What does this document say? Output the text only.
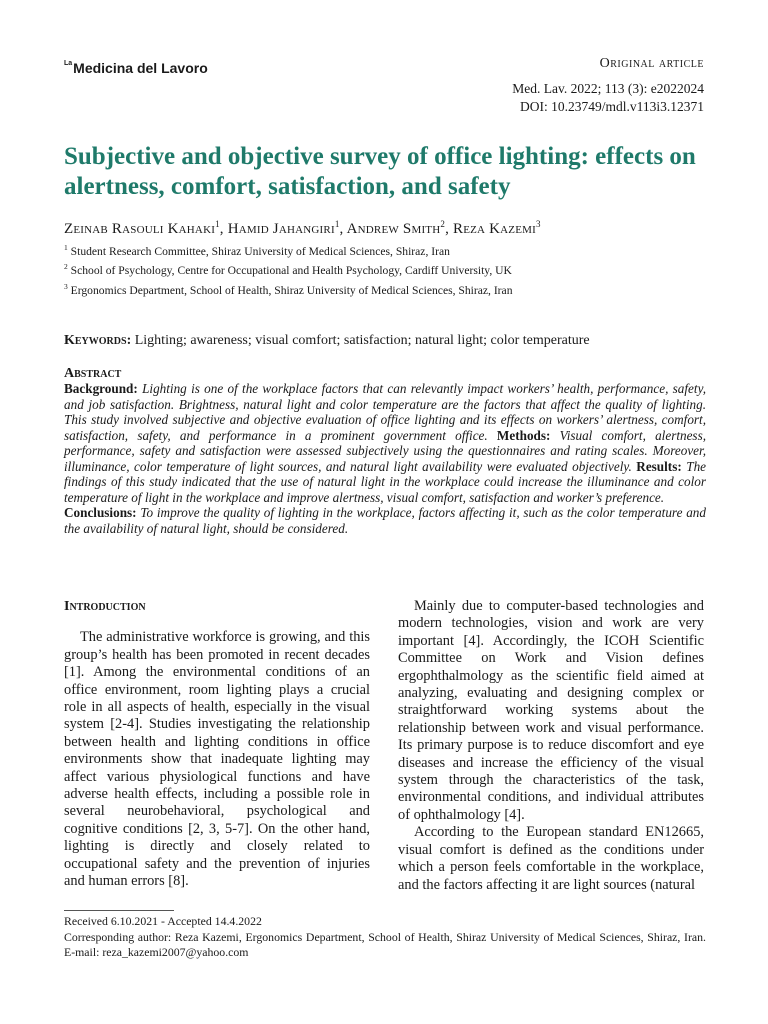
$^{La}$Medicina del Lavoro	Original article
Med. Lav. 2022; 113 (3): e2022024
DOI: 10.23749/mdl.v113i3.12371
Subjective and objective survey of office lighting: effects on alertness, comfort, satisfaction, and safety
Zeinab Rasouli Kahaki$^1$, Hamid Jahangiri$^1$, Andrew Smith$^2$, Reza Kazemi$^3$
$^1$ Student Research Committee, Shiraz University of Medical Sciences, Shiraz, Iran
$^2$ School of Psychology, Centre for Occupational and Health Psychology, Cardiff University, UK
$^3$ Ergonomics Department, School of Health, Shiraz University of Medical Sciences, Shiraz, Iran
Keywords: Lighting; awareness; visual comfort; satisfaction; natural light; color temperature
Abstract
Background: Lighting is one of the workplace factors that can relevantly impact workers’ health, performance, safety, and job satisfaction. Brightness, natural light and color temperature are the factors that affect the quality of lighting. This study involved subjective and objective evaluation of office lighting and its effects on workers’ alertness, comfort, satisfaction, safety, and performance in a prominent government office. Methods: Visual comfort, alertness, performance, safety and satisfaction were assessed subjectively using the questionnaires and rating scales. Moreover, illuminance, color temperature of light sources, and natural light availability were evaluated objectively. Results: The findings of this study indicated that the use of natural light in the workplace could increase the illuminance and color temperature of light in the workplace and improve alertness, visual comfort, satisfaction and worker’s preference.
Conclusions: To improve the quality of lighting in the workplace, factors affecting it, such as the color temperature and the availability of natural light, should be considered.
Introduction

The administrative workforce is growing, and this group’s health has been promoted in recent decades [1]. Among the environmental conditions of an office environment, room lighting plays a crucial role in all aspects of health, especially in the visual system [2-4]. Studies investigating the relationship between health and lighting conditions in office environments show that inadequate lighting may affect various physiological functions and have adverse health effects, including a possible role in several neurobehavioral, psychological and cognitive conditions [2, 3, 5-7]. On the other hand, lighting is directly and closely related to occupational safety and the prevention of injuries and human errors [8].

Mainly due to computer-based technologies and modern technologies, vision and work are very important [4]. Accordingly, the ICOH Scientific Committee on Work and Vision defines ergophthalmology as the scientific field aimed at analyzing, evaluating and designing complex or straightforward working systems about the relationship between work and visual performance. Its primary purpose is to reduce discomfort and eye diseases and increase the efficiency of the visual system through the characteristics of the task, environmental conditions, and individual attributes of ophthalmology [4].

According to the European standard EN12665, visual comfort is defined as the conditions under which a person feels comfortable in the workplace, and the factors affecting it are light sources (natural

Received 6.10.2021 - Accepted 14.4.2022
Corresponding author: Reza Kazemi, Ergonomics Department, School of Health, Shiraz University of Medical Sciences, Shiraz, Iran. E-mail: reza_kazemi2007@yahoo.com
